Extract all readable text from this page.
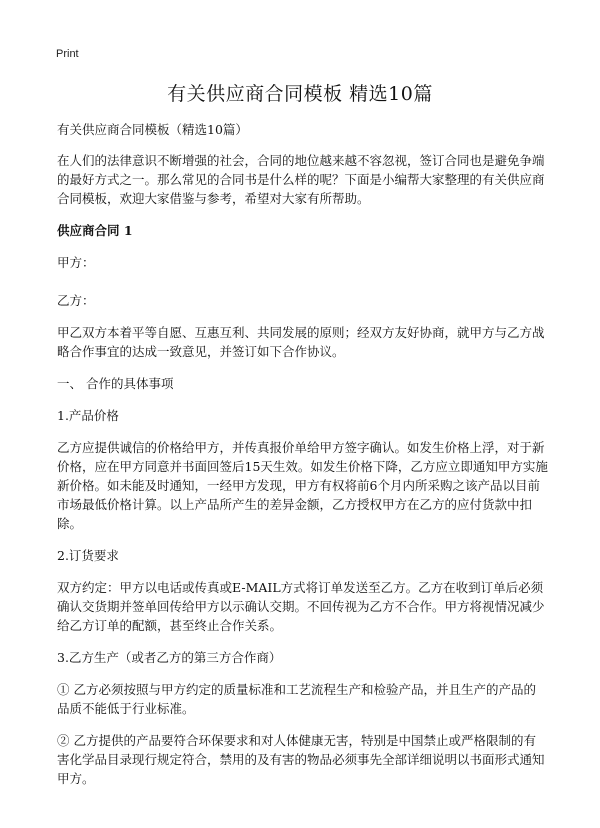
Print
有关供应商合同模板 精选10篇

有关供应商合同模板（精选10篇）

在人们的法律意识不断增强的社会，合同的地位越来越不容忽视，签订合同也是避免争端的最好方式之一。那么常见的合同书是什么样的呢？下面是小编帮大家整理的有关供应商合同模板，欢迎大家借鉴与参考，希望对大家有所帮助。

供应商合同 1

甲方：

乙方：

甲乙双方本着平等自愿、互惠互利、共同发展的原则；经双方友好协商，就甲方与乙方战略合作事宜的达成一致意见，并签订如下合作协议。

一、 合作的具体事项

1.产品价格

乙方应提供诚信的价格给甲方，并传真报价单给甲方签字确认。如发生价格上浮，对于新价格，应在甲方同意并书面回签后15天生效。如发生价格下降，乙方应立即通知甲方实施新价格。如未能及时通知，一经甲方发现，甲方有权将前6个月内所采购之该产品以目前市场最低价格计算。以上产品所产生的差异金额，乙方授权甲方在乙方的应付货款中扣除。

2.订货要求

双方约定：甲方以电话或传真或E-MAIL方式将订单发送至乙方。乙方在收到订单后必须确认交货期并签单回传给甲方以示确认交期。不回传视为乙方不合作。甲方将视情况减少给乙方订单的配额，甚至终止合作关系。

3.乙方生产（或者乙方的第三方合作商）

① 乙方必须按照与甲方约定的质量标准和工艺流程生产和检验产品，并且生产的产品的品质不能低于行业标准。

② 乙方提供的产品要符合环保要求和对人体健康无害，特别是中国禁止或严格限制的有害化学品目录现行规定符合，禁用的及有害的物品必须事先全部详细说明以书面形式通知甲方。
